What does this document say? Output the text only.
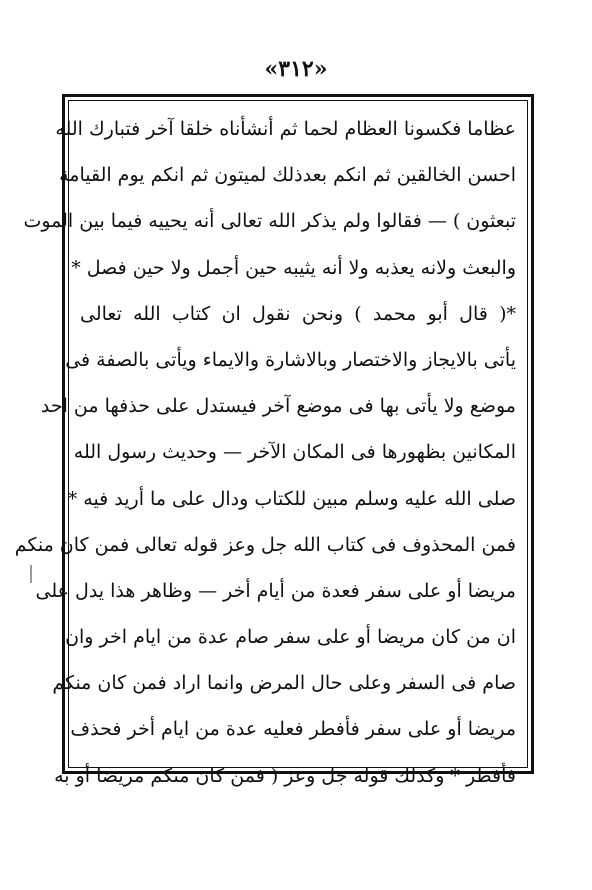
«٣١٢»
عظاما فكسونا العظام لحما ثم أنشأناه خلقا آخر فتبارك الله
احسن الخالقين ثم انكم بعدذلك لميتون ثم انكم يوم القيامة
تبعثون ) — فقالوا ولم يذكر الله تعالى أنه يحييه فيما بين الموت
والبعث ولانه يعذبه ولا أنه يثيبه حين أجمل ولا حين فصل *
*( قال أبو محمد ) ونحن نقول ان كتاب الله تعالى
يأتى بالايجاز والاختصار وبالاشارة والايماء ويأتى بالصفة فى
موضع ولا يأتى بها فى موضع آخر فيستدل على حذفها من احد
المكانين بظهورها فى المكان الآخر — وحديث رسول الله
صلى الله عليه وسلم مبين للكتاب ودال على ما أريد فيه *
فمن المحذوف فى كتاب الله جل وعز قوله تعالى فمن كان منكم
مريضا أو على سفر فعدة من أيام أخر — وظاهر هذا يدل على
ان من كان مريضا أو على سفر صام عدة من ايام اخر وان
صام فى السفر وعلى حال المرض وانما اراد فمن كان منكم
مريضا أو على سفر فأفطر فعليه عدة من ايام أخر فحذف
فأفطر * وكذلك قوله جل وعز ( فمن كان منكم مريضا أو به
